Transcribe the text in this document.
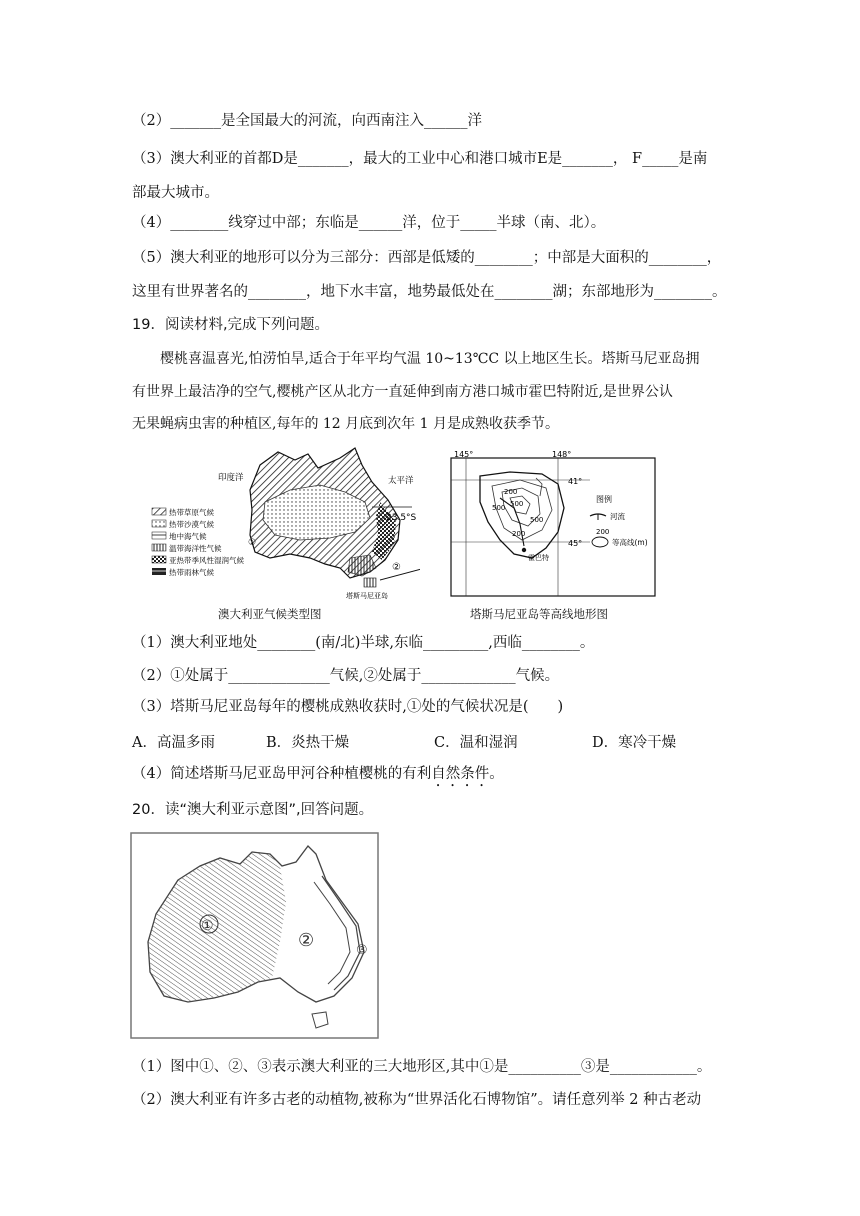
（2）_______是全国最大的河流，向西南注入______洋
（3）澳大利亚的首都D是_______，最大的工业中心和港口城市E是_______， F_____是南
部最大城市。
（4）________线穿过中部；东临是______洋，位于_____半球（南、北）。
（5）澳大利亚的地形可以分为三部分：西部是低矮的________；中部是大面积的________，
这里有世界著名的________，地下水丰富，地势最低处在________湖；东部地形为________。
19．阅读材料,完成下列问题。
樱桃喜温喜光,怕涝怕旱,适合于年平均气温 10~13℃C 以上地区生长。塔斯马尼亚岛拥
有世界上最洁净的空气,樱桃产区从北方一直延伸到南方港口城市霍巴特附近,是世界公认
无果蝇病虫害的种植区,每年的 12 月底到次年 1 月是成熟收获季节。
印度洋	太平洋
23.5°S
①
②
塔斯马尼亚岛
热带草原气候
热带沙漠气候
地中海气候
温带海洋性气候
亚热带季风性湿润气候
热带雨林气候
澳大利亚气候类型图
145°	148°
41°
45°
200
500
500
200
500
霍巴特
图例
河流
200
等高线(m)
塔斯马尼亚岛等高线地形图
（1）澳大利亚地处________(南/北)半球,东临_________,西临________。
（2）①处属于______________气候,②处属于_____________气候。
（3）塔斯马尼亚岛每年的樱桃成熟收获时,①处的气候状况是(　　)
A．高温多雨	B．炎热干燥	C．温和湿润	D．寒冷干燥
（4）简述塔斯马尼亚岛甲河谷种植樱桃的有利自然条件。
20．读“澳大利亚示意图”,回答问题。
①
②	③
（1）图中①、②、③表示澳大利亚的三大地形区,其中①是__________③是____________。
（2）澳大利亚有许多古老的动植物,被称为“世界活化石博物馆”。请任意列举 2 种古老动
